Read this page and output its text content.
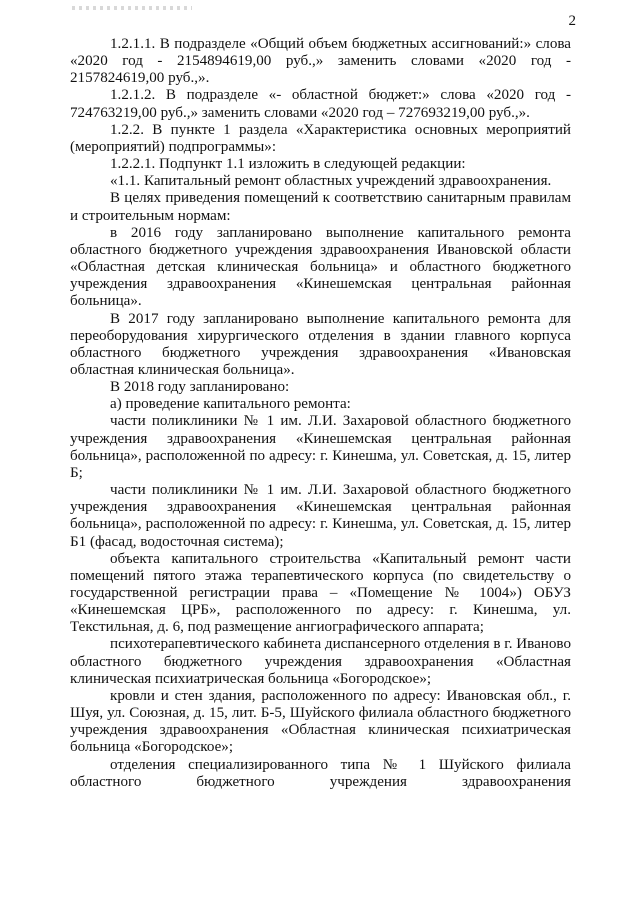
2

1.2.1.1. В подразделе «Общий объем бюджетных ассигнований:» слова «2020 год - 2154894619,00 руб.,» заменить словами «2020 год - 2157824619,00 руб.,».

1.2.1.2. В подразделе «- областной бюджет:» слова «2020 год - 724763219,00 руб.,» заменить словами «2020 год – 727693219,00 руб.,».

1.2.2. В пункте 1 раздела «Характеристика основных мероприятий (мероприятий) подпрограммы»:

1.2.2.1. Подпункт 1.1 изложить в следующей редакции:

«1.1. Капитальный ремонт областных учреждений здравоохранения.

В целях приведения помещений к соответствию санитарным правилам и строительным нормам:

в 2016 году запланировано выполнение капитального ремонта областного бюджетного учреждения здравоохранения Ивановской области «Областная детская клиническая больница» и областного бюджетного учреждения здравоохранения «Кинешемская центральная районная больница».

В 2017 году запланировано выполнение капитального ремонта для переоборудования хирургического отделения в здании главного корпуса областного бюджетного учреждения здравоохранения «Ивановская областная клиническая больница».

В 2018 году запланировано:

а) проведение капитального ремонта:

части поликлиники № 1 им. Л.И. Захаровой областного бюджетного учреждения здравоохранения «Кинешемская центральная районная больница», расположенной по адресу: г. Кинешма, ул. Советская, д. 15, литер Б;

части поликлиники № 1 им. Л.И. Захаровой областного бюджетного учреждения здравоохранения «Кинешемская центральная районная больница», расположенной по адресу: г. Кинешма, ул. Советская, д. 15, литер Б1 (фасад, водосточная система);

объекта капитального строительства «Капитальный ремонт части помещений пятого этажа терапевтического корпуса (по свидетельству о государственной регистрации права – «Помещение № 1004») ОБУЗ «Кинешемская ЦРБ», расположенного по адресу: г. Кинешма, ул. Текстильная, д. 6, под размещение ангиографического аппарата;

психотерапевтического кабинета диспансерного отделения в г. Иваново областного бюджетного учреждения здравоохранения «Областная клиническая психиатрическая больница «Богородское»;

кровли и стен здания, расположенного по адресу: Ивановская обл., г. Шуя, ул. Союзная, д. 15, лит. Б-5, Шуйского филиала областного бюджетного учреждения здравоохранения «Областная клиническая психиатрическая больница «Богородское»;

отделения специализированного типа № 1 Шуйского филиала областного бюджетного учреждения здравоохранения
